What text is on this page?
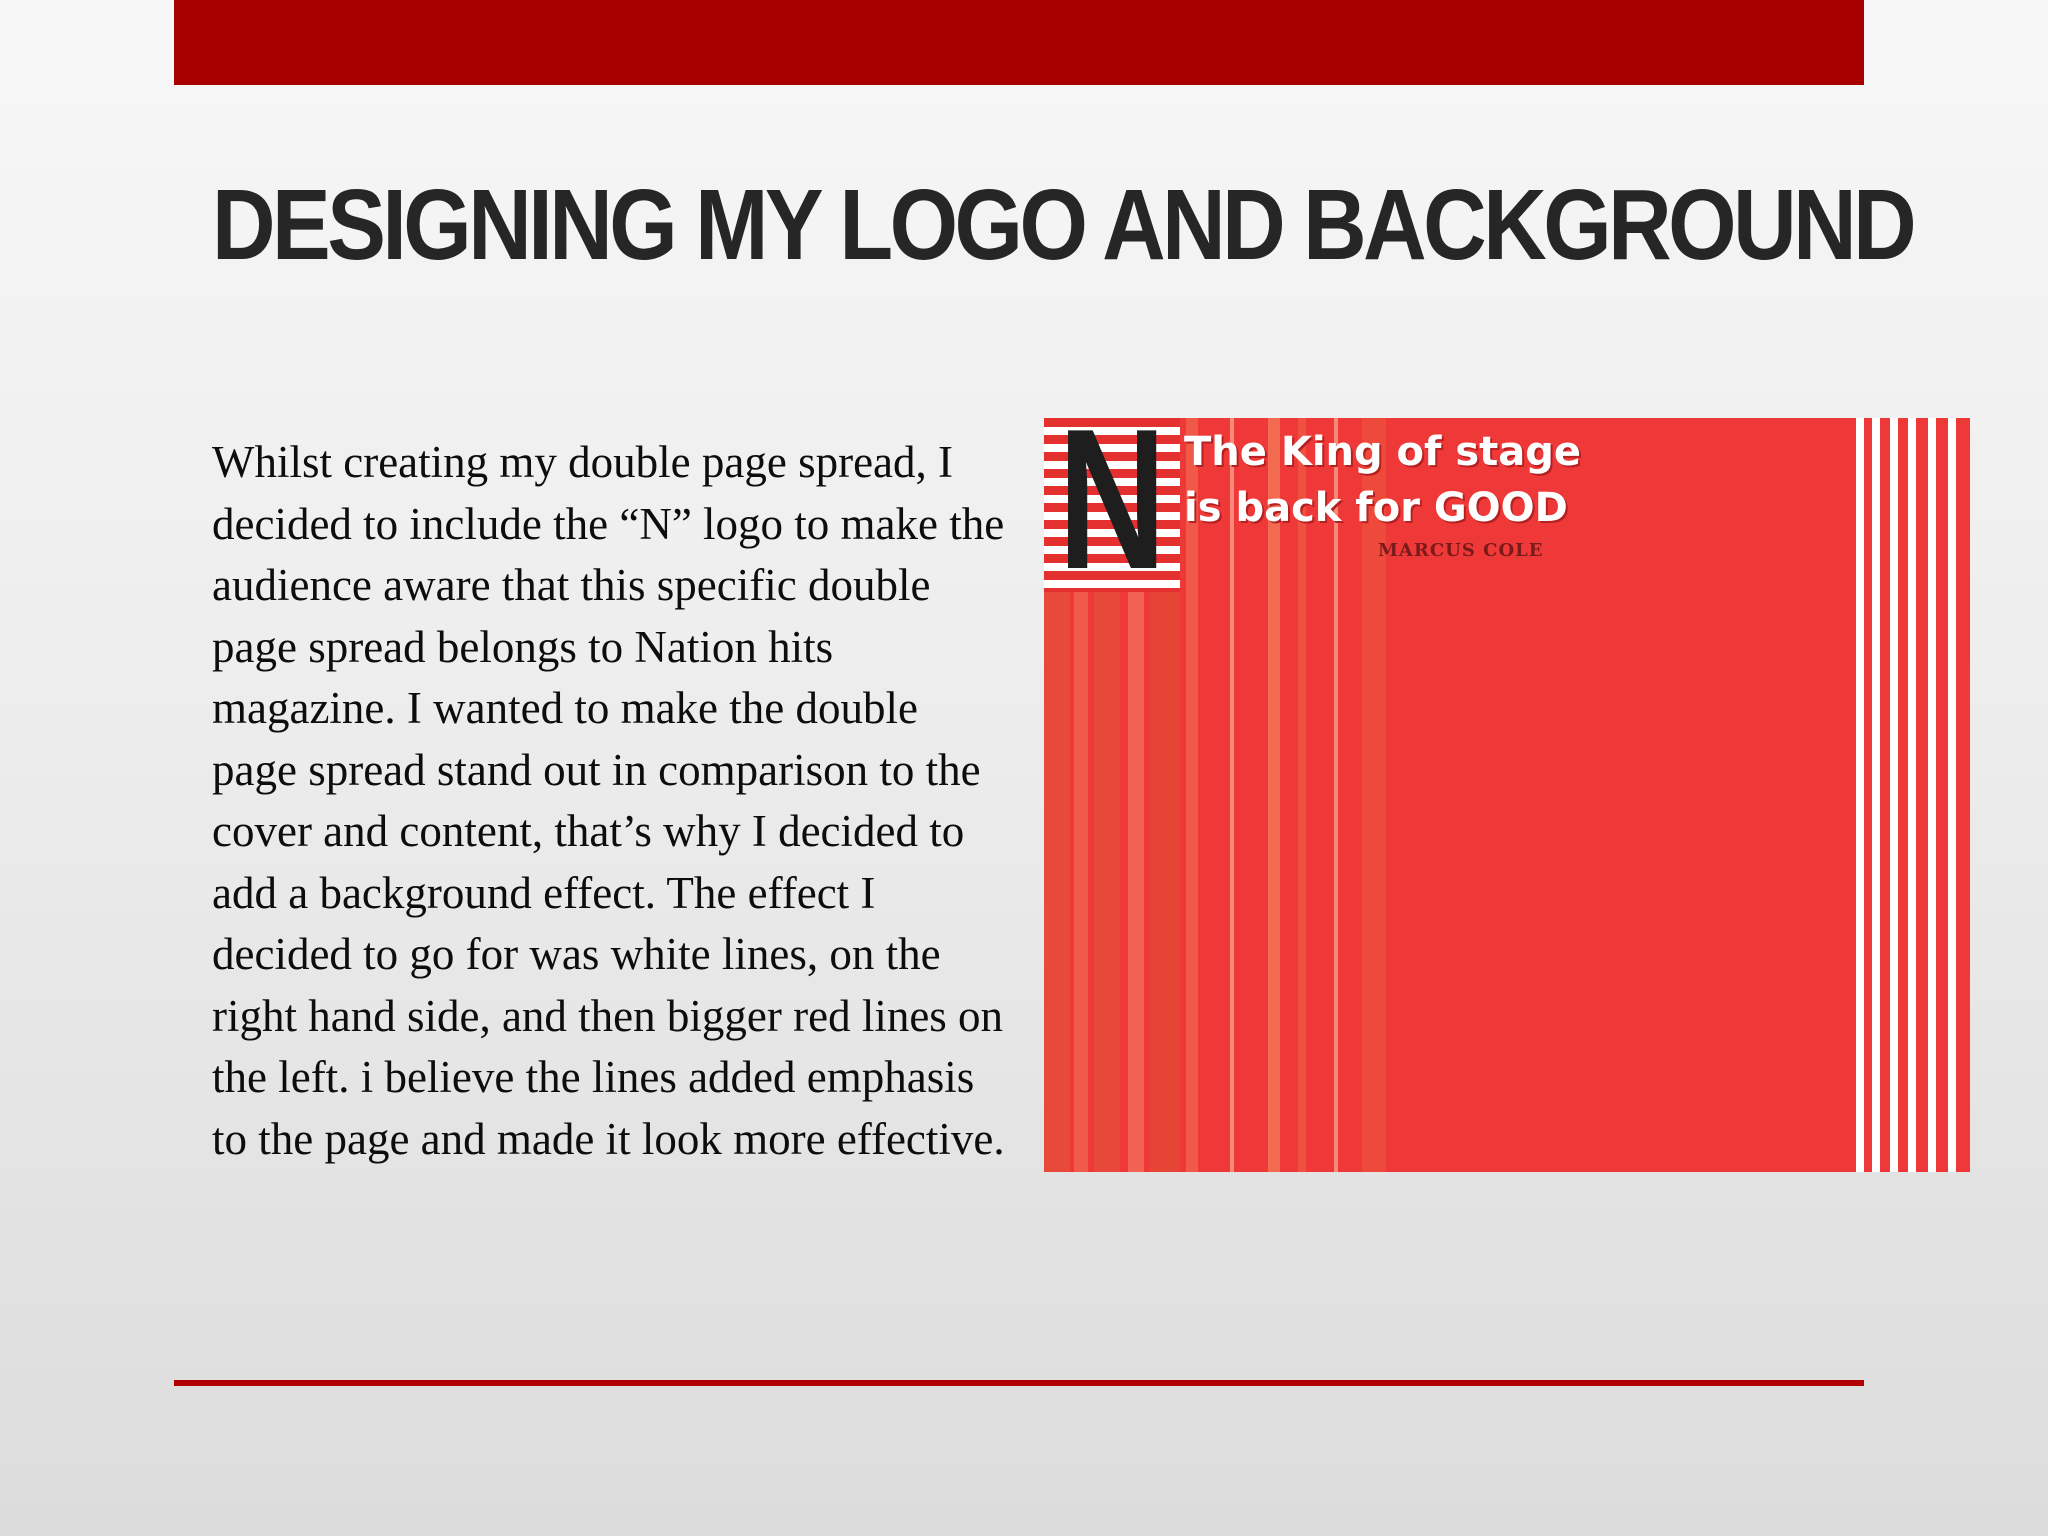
DESIGNING MY LOGO AND BACKGROUND

Whilst creating my double page spread, I decided to include the “N” logo to make the audience aware that this specific double page spread belongs to Nation hits magazine. I wanted to make the double page spread stand out in comparison to the cover and content, that’s why I decided to add a background effect. The effect I decided to go for was white lines, on the right hand side, and then bigger red lines on the left. i believe the lines added emphasis to the page and made it look more effective.

N The King of stage
is back for GOOD
MARCUS COLE
